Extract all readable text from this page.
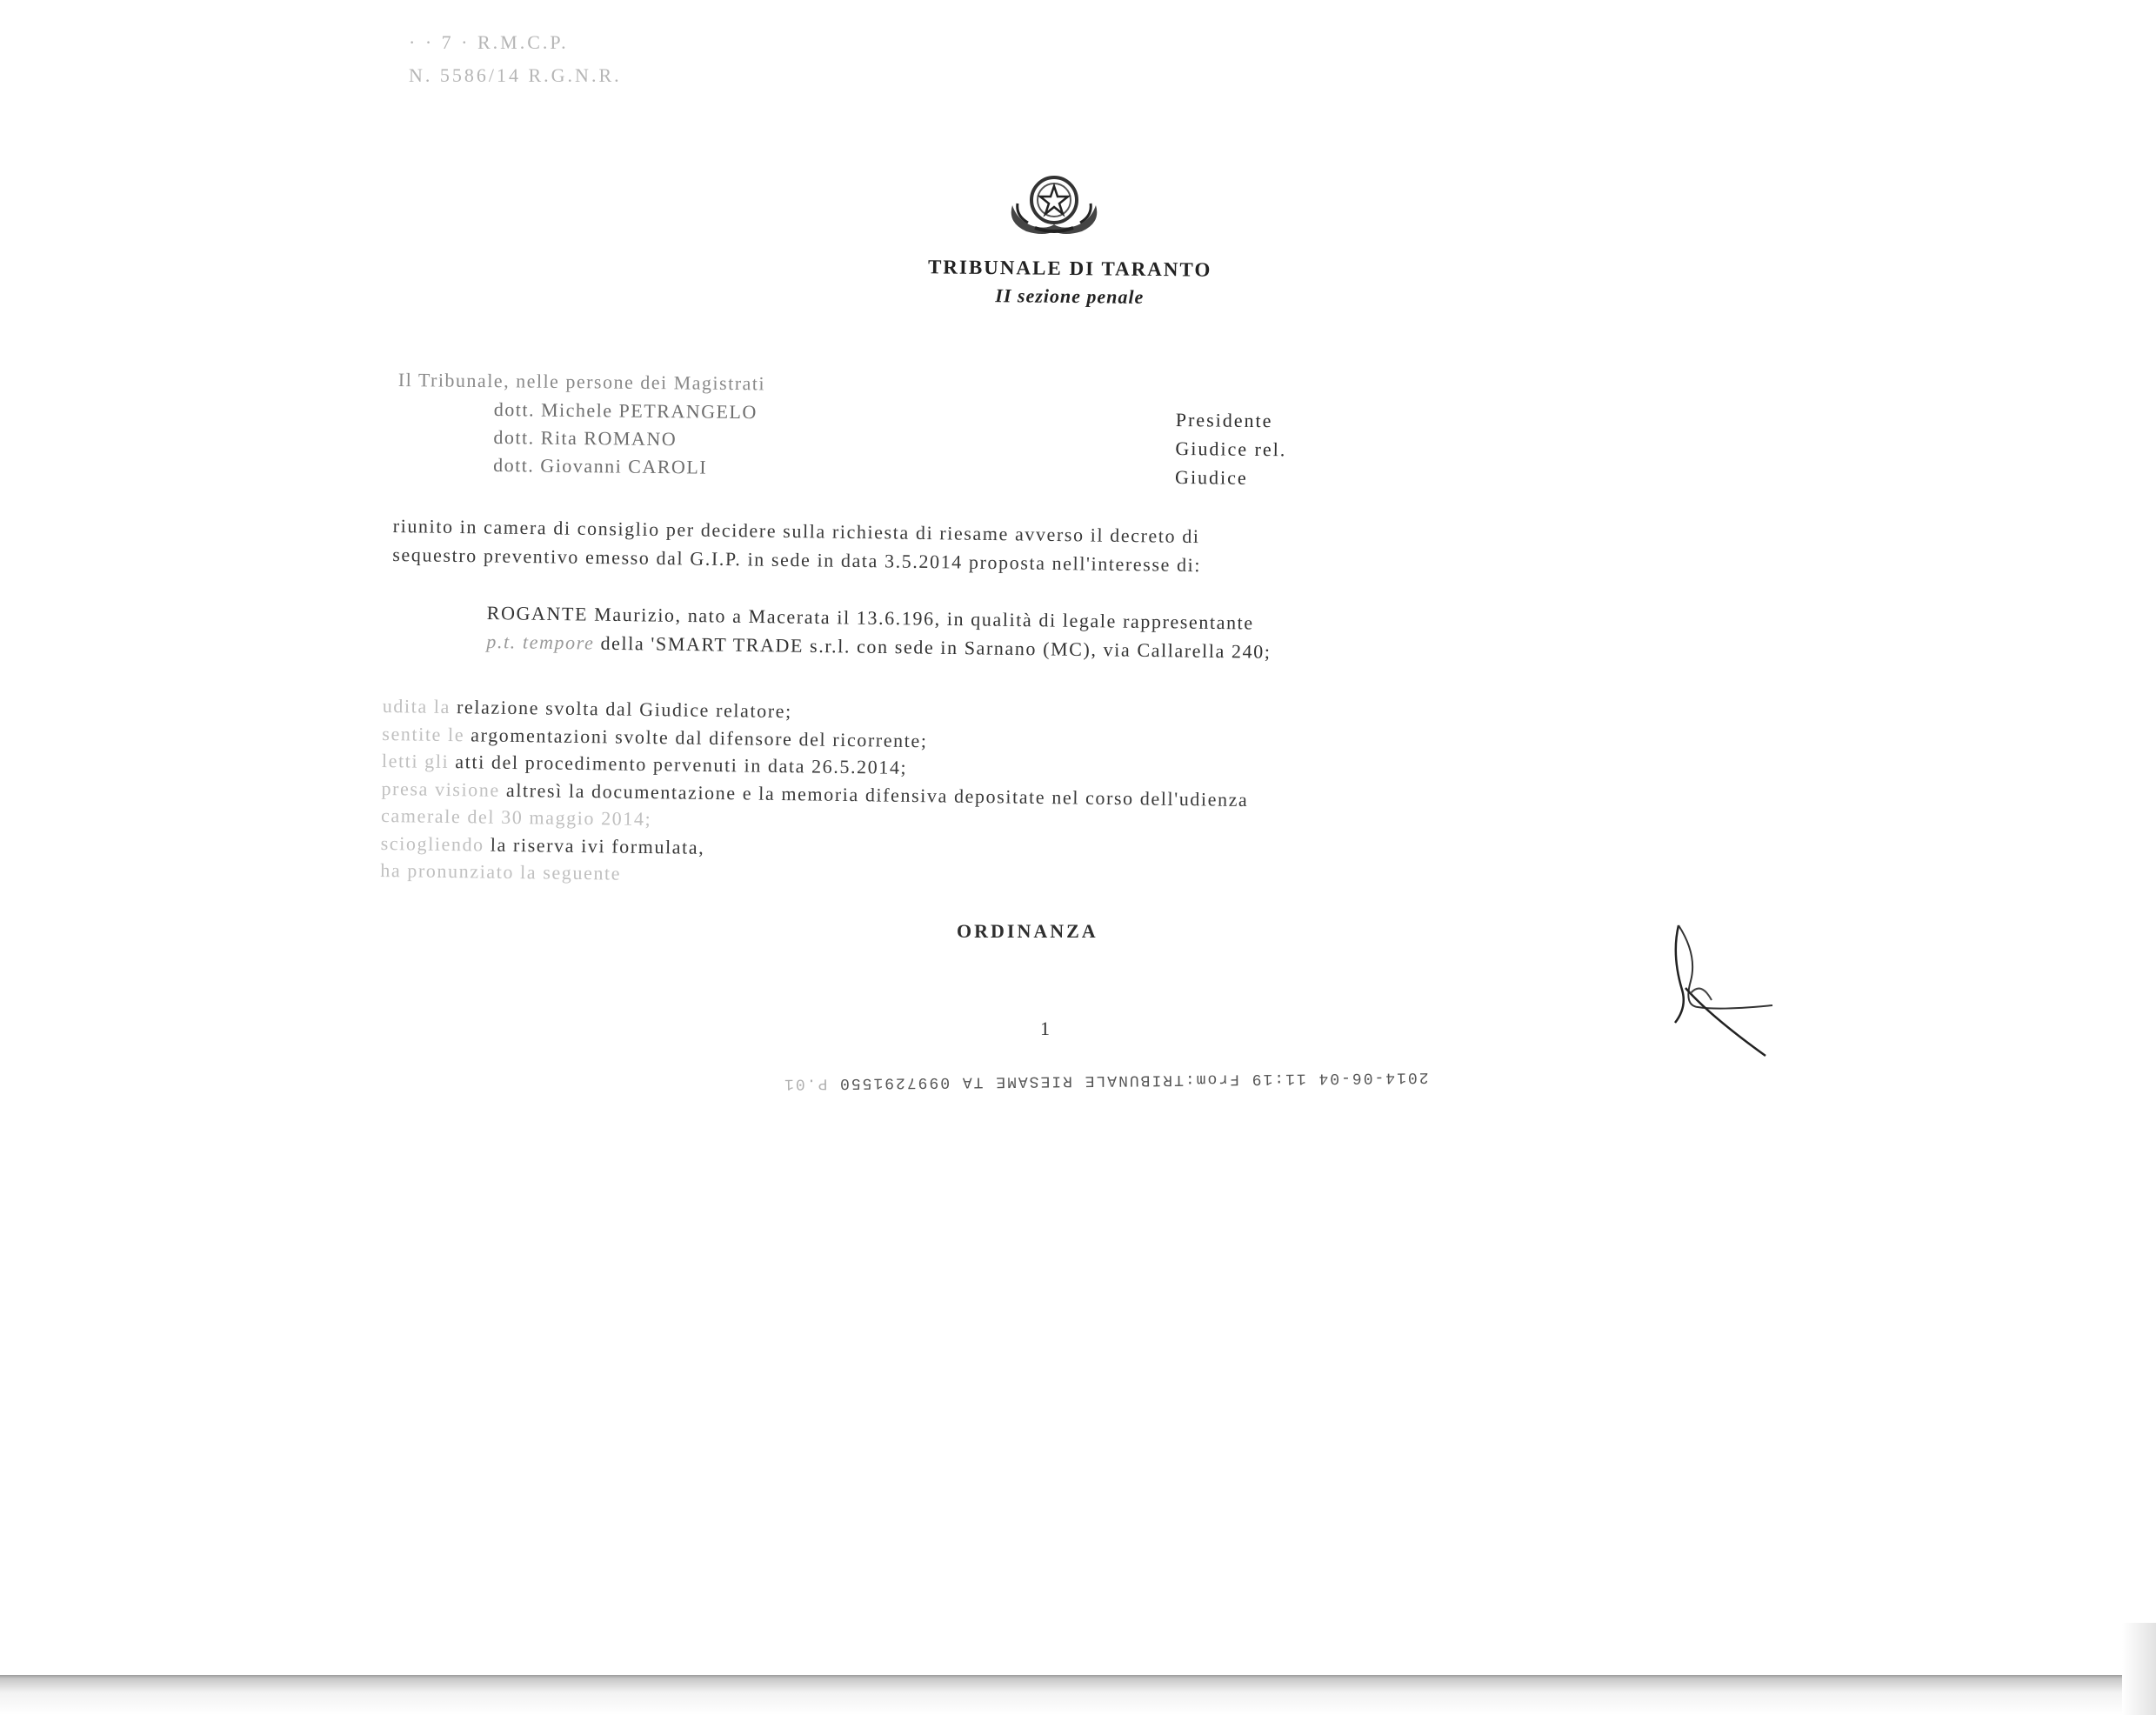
· · 7 · R.M.C.P.
N. 5586/14 R.G.N.R.
TRIBUNALE DI TARANTO
II sezione penale
Il Tribunale, nelle persone dei Magistrati
dott. Michele PETRANGELO
dott. Rita ROMANO
dott. Giovanni CAROLI
Presidente
Giudice rel.
Giudice
riunito in camera di consiglio per decidere sulla richiesta di riesame avverso il decreto di
sequestro preventivo emesso dal G.I.P. in sede in data 3.5.2014 proposta nell'interesse di:
ROGANTE Maurizio, nato a Macerata il 13.6.196, in qualità di legale rappresentante
p.t. tempore della 'SMART TRADE s.r.l. con sede in Sarnano (MC), via Callarella 240;
udita la relazione svolta dal Giudice relatore;
sentite le argomentazioni svolte dal difensore del ricorrente;
letti gli atti del procedimento pervenuti in data 26.5.2014;
presa visione altresì la documentazione e la memoria difensiva depositate nel corso dell'udienza
camerale del 30 maggio 2014;
sciogliendo la riserva ivi formulata,
ha pronunziato la seguente
ORDINANZA
1
2014-06-04 11:19 From:TRIBUNALE RIESAME TA 0997291550 P.01
